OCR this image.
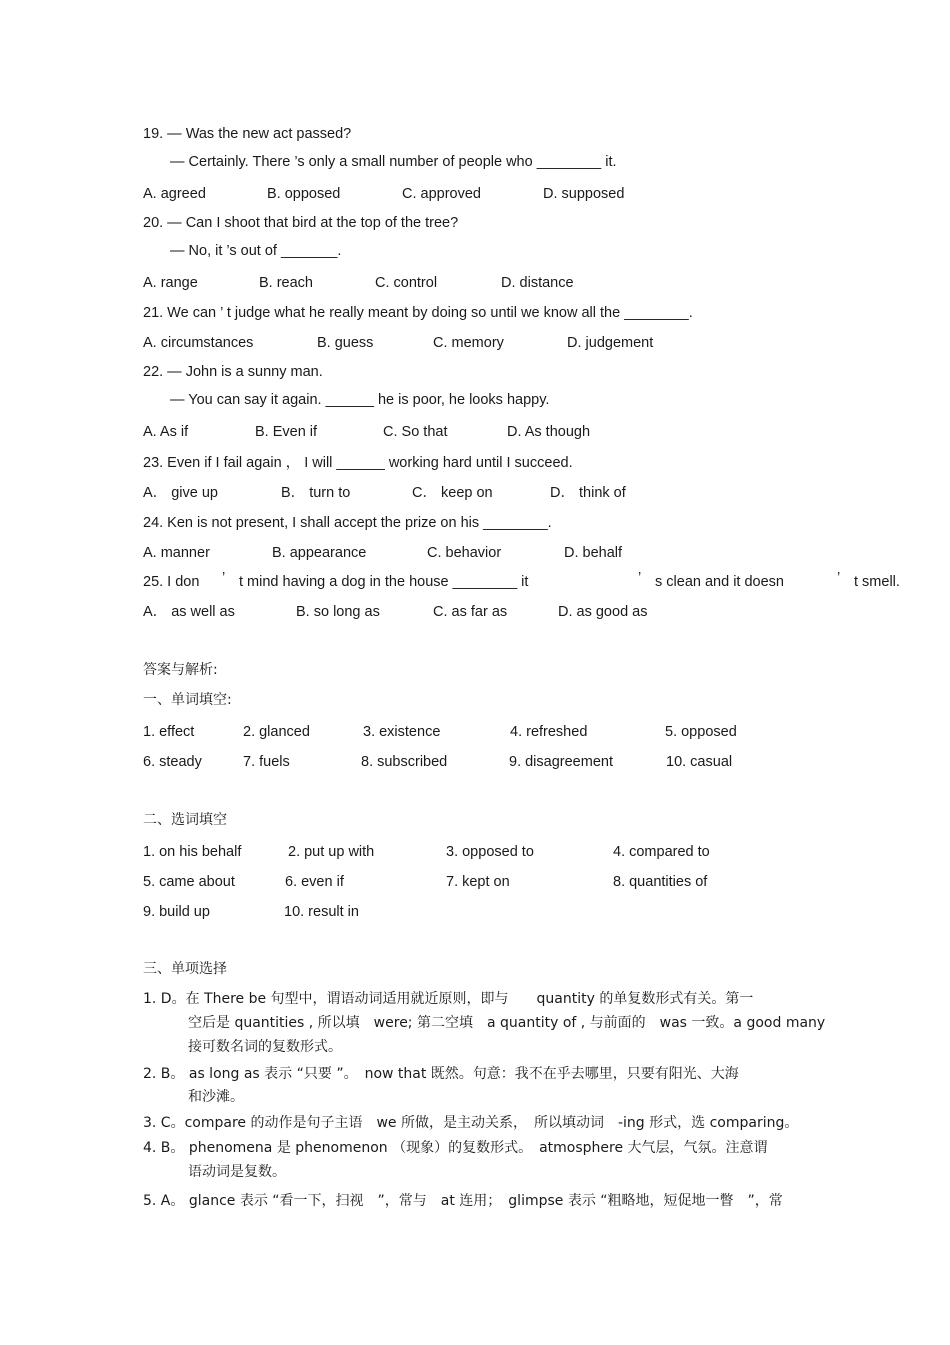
19. — Was the new act passed?
— Certainly. There ’s only a small number of people who ________ it.
A. agreed	B. opposed	C. approved	D. supposed
20. — Can I shoot that bird at the top of the tree?
— No, it ’s out of _______.
A. range	B. reach	C. control	D. distance
21. We can ’ t judge what he really meant by doing so until we know all the ________.
A. circumstances	B. guess	C. memory	D. judgement
22. — John is a sunny man.
— You can say it again. ______ he is poor, he looks happy.
A. As if	B. Even if	C. So that	D. As though
23. Even if I fail again ， I will ______ working hard until I succeed.
A． give up	B． turn to	C． keep on	D． think of
24. Ken is not present, I shall accept the prize on his ________.
A. manner	B. appearance	C. behavior	D. behalf
25. I don ’ t mind having a dog in the house ________ it	’ s clean and it doesn	’ t smell.
A． as well as	B. so long as	C. as far as	D. as good as
答案与解析:
一、单词填空:
1. effect	2. glanced	3. existence	4. refreshed	5. opposed
6. steady	7. fuels	8. subscribed	9. disagreement	10. casual
二、选词填空
1. on his behalf	2. put up with	3. opposed to	4. compared to
5. came about	6. even if	7. kept on	8. quantities of
9. build up	10. result in
三、单项选择
1. D。在 There be 句型中，谓语动词适用就近原则，即与　　quantity 的单复数形式有关。第一
空后是 quantities , 所以填　were; 第二空填　a quantity of , 与前面的　was 一致。a good many
接可数名词的复数形式。
2. B。 as long as 表示 “只要 ”。　now that 既然。句意：我不在乎去哪里，只要有阳光、大海
和沙滩。
3. C。compare 的动作是句子主语　we 所做，是主动关系，　所以填动词　-ing 形式，选 comparing。
4. B。 phenomena 是 phenomenon （现象）的复数形式。　atmosphere 大气层，气氛。注意谓
语动词是复数。
5. A。 glance 表示 “看一下，扫视　”，常与　at 连用；　glimpse 表示 “粗略地，短促地一瞥　”，常
